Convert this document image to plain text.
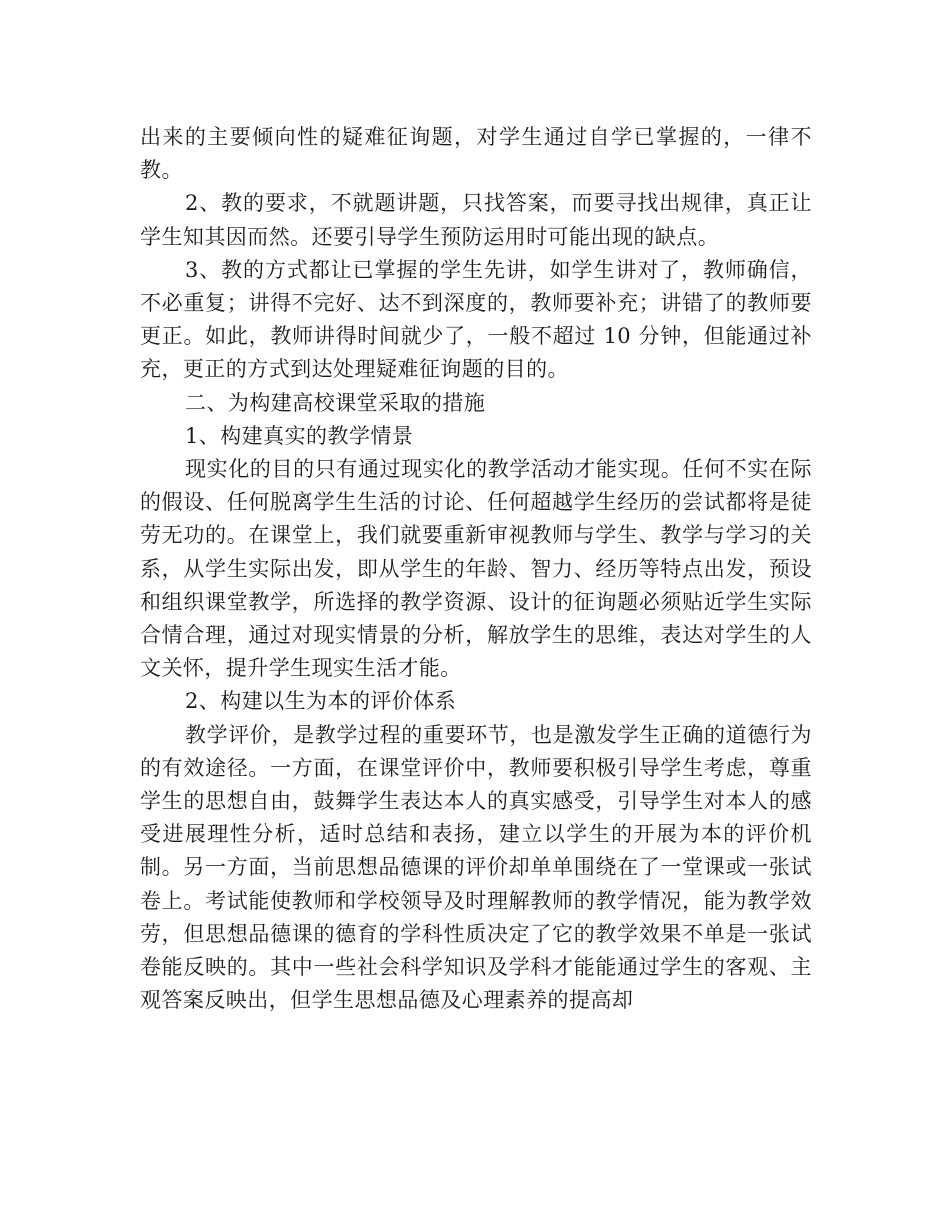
出来的主要倾向性的疑难征询题，对学生通过自学已掌握的，一律不教。

2、教的要求，不就题讲题，只找答案，而要寻找出规律，真正让学生知其因而然。还要引导学生预防运用时可能出现的缺点。

3、教的方式都让已掌握的学生先讲，如学生讲对了，教师确信，不必重复；讲得不完好、达不到深度的，教师要补充；讲错了的教师要更正。如此，教师讲得时间就少了，一般不超过 10 分钟，但能通过补充，更正的方式到达处理疑难征询题的目的。

二、为构建高校课堂采取的措施

1、构建真实的教学情景

现实化的目的只有通过现实化的教学活动才能实现。任何不实在际的假设、任何脱离学生生活的讨论、任何超越学生经历的尝试都将是徒劳无功的。在课堂上，我们就要重新审视教师与学生、教学与学习的关系，从学生实际出发，即从学生的年龄、智力、经历等特点出发，预设和组织课堂教学，所选择的教学资源、设计的征询题必须贴近学生实际合情合理，通过对现实情景的分析，解放学生的思维，表达对学生的人文关怀，提升学生现实生活才能。

2、构建以生为本的评价体系

教学评价，是教学过程的重要环节，也是激发学生正确的道德行为的有效途径。一方面，在课堂评价中，教师要积极引导学生考虑，尊重学生的思想自由，鼓舞学生表达本人的真实感受，引导学生对本人的感受进展理性分析，适时总结和表扬，建立以学生的开展为本的评价机制。另一方面，当前思想品德课的评价却单单围绕在了一堂课或一张试卷上。考试能使教师和学校领导及时理解教师的教学情况，能为教学效劳，但思想品德课的德育的学科性质决定了它的教学效果不单是一张试卷能反映的。其中一些社会科学知识及学科才能能通过学生的客观、主观答案反映出，但学生思想品德及心理素养的提高却
